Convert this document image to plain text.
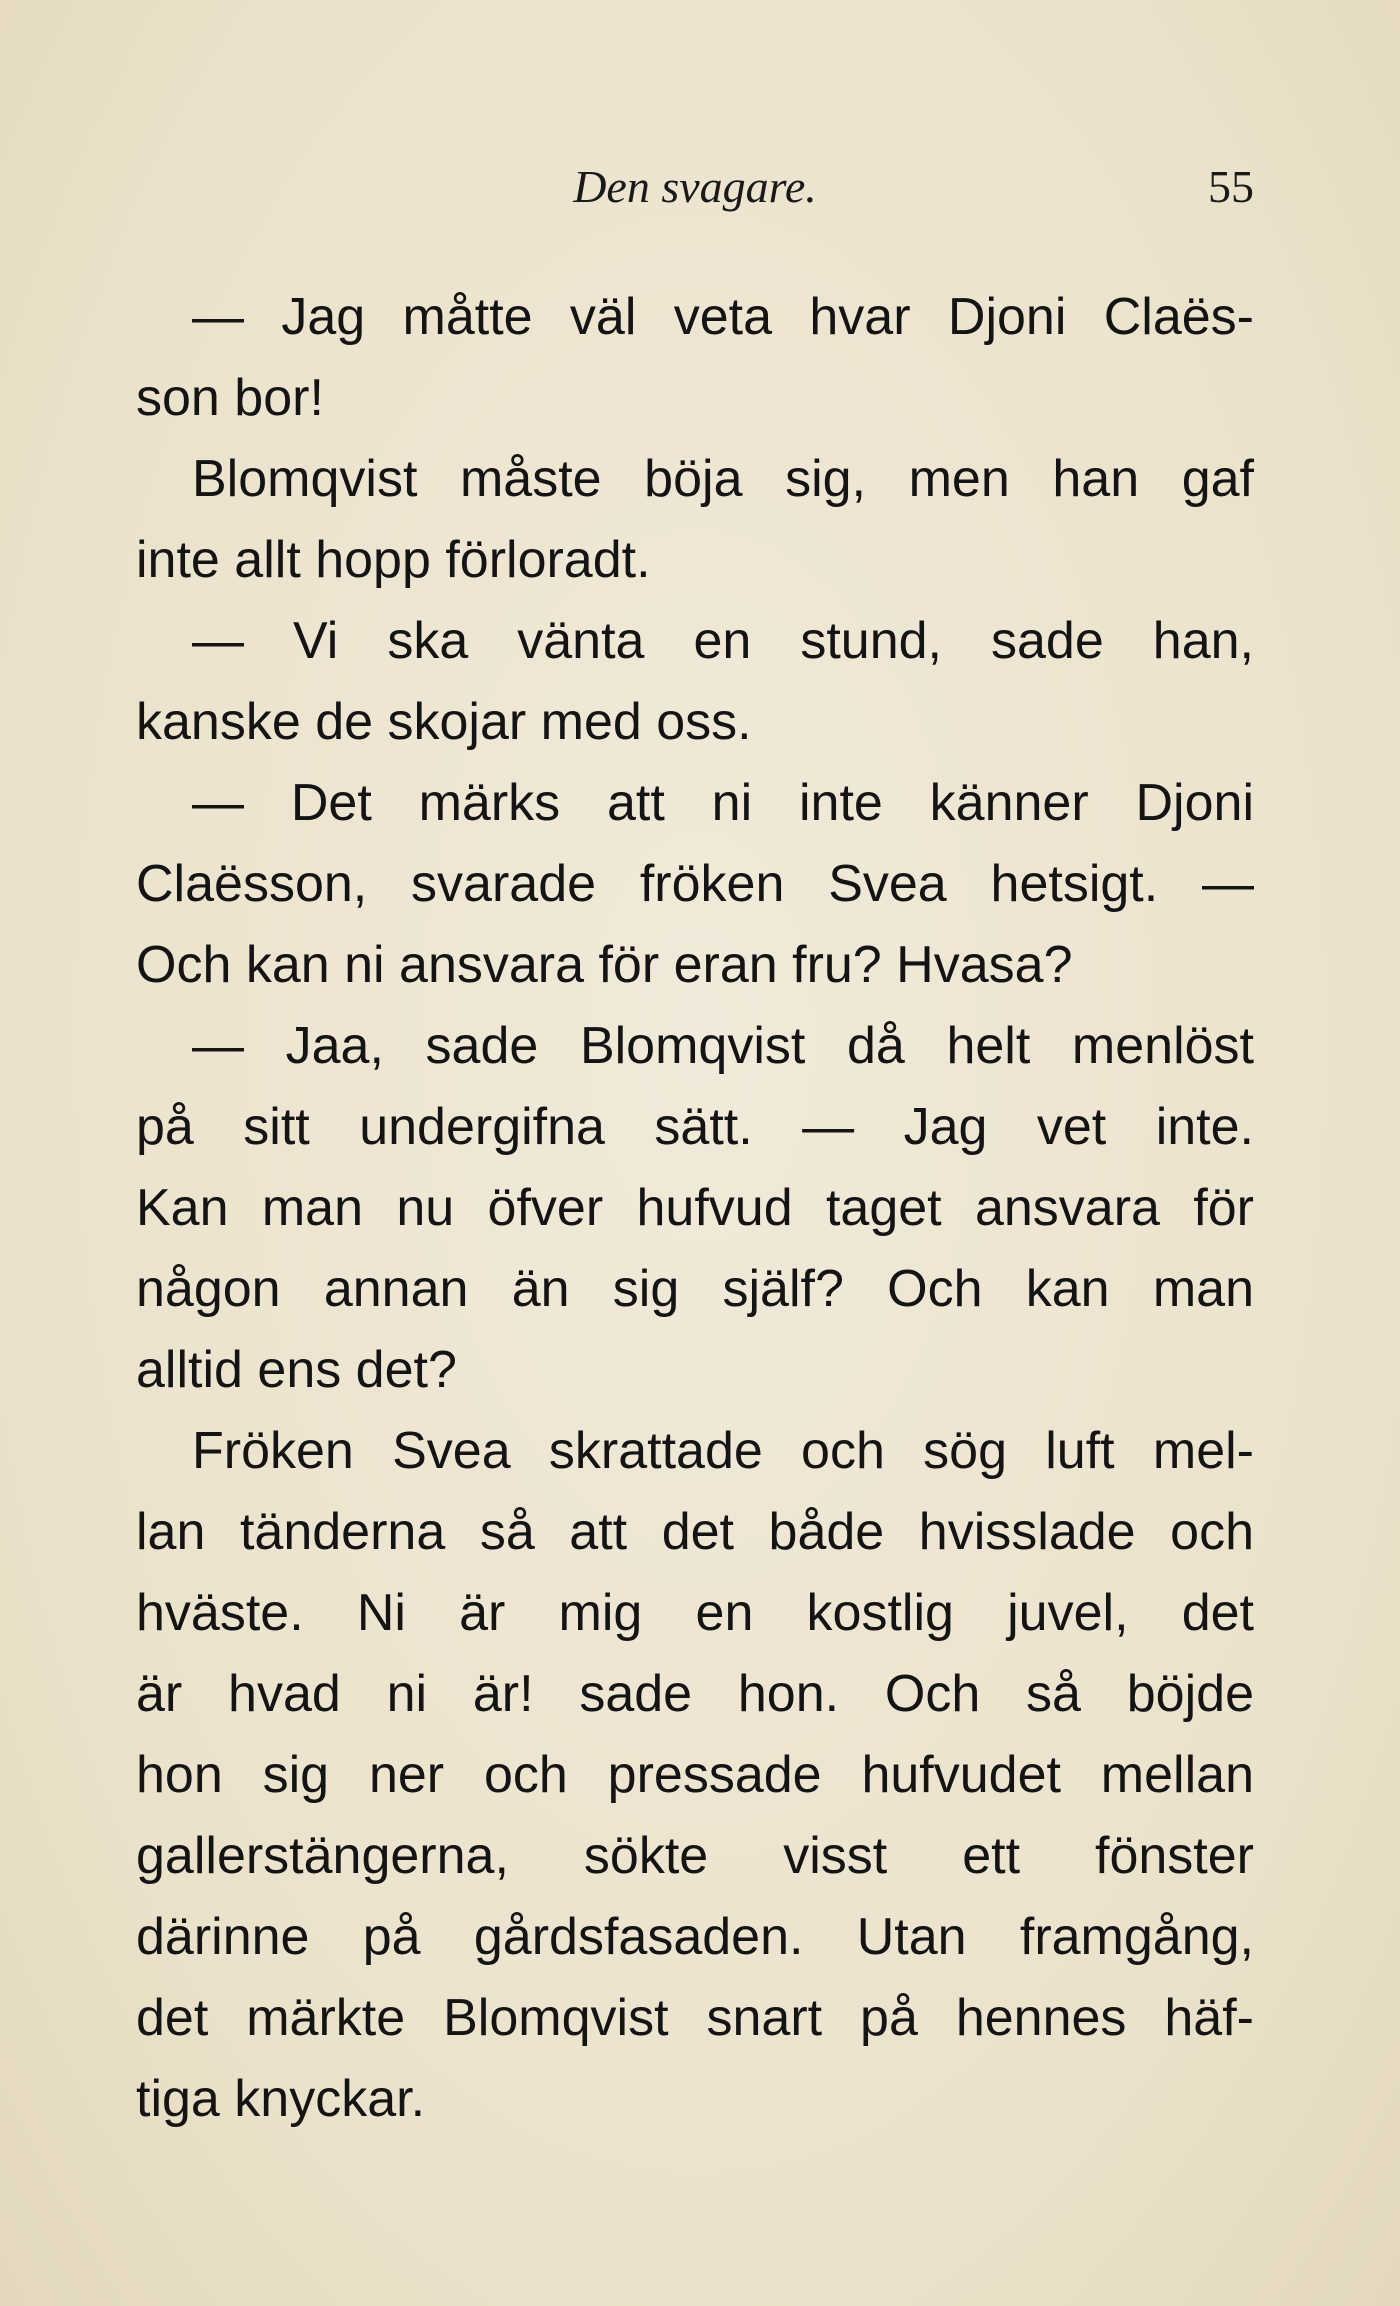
Den svagare.	55
— Jag måtte väl veta hvar Djoni Claës-
son bor!
Blomqvist måste böja sig, men han gaf
inte allt hopp förloradt.
— Vi ska vänta en stund, sade han,
kanske de skojar med oss.
— Det märks att ni inte känner Djoni
Claësson, svarade fröken Svea hetsigt. —
Och kan ni ansvara för eran fru? Hvasa?
— Jaa, sade Blomqvist då helt menlöst
på sitt undergifna sätt. — Jag vet inte.
Kan man nu öfver hufvud taget ansvara för
någon annan än sig själf? Och kan man
alltid ens det?
Fröken Svea skrattade och sög luft mel-
lan tänderna så att det både hvisslade och
hväste. Ni är mig en kostlig juvel, det
är hvad ni är! sade hon. Och så böjde
hon sig ner och pressade hufvudet mellan
gallerstängerna, sökte visst ett fönster
därinne på gårdsfasaden. Utan framgång,
det märkte Blomqvist snart på hennes häf-
tiga knyckar.
